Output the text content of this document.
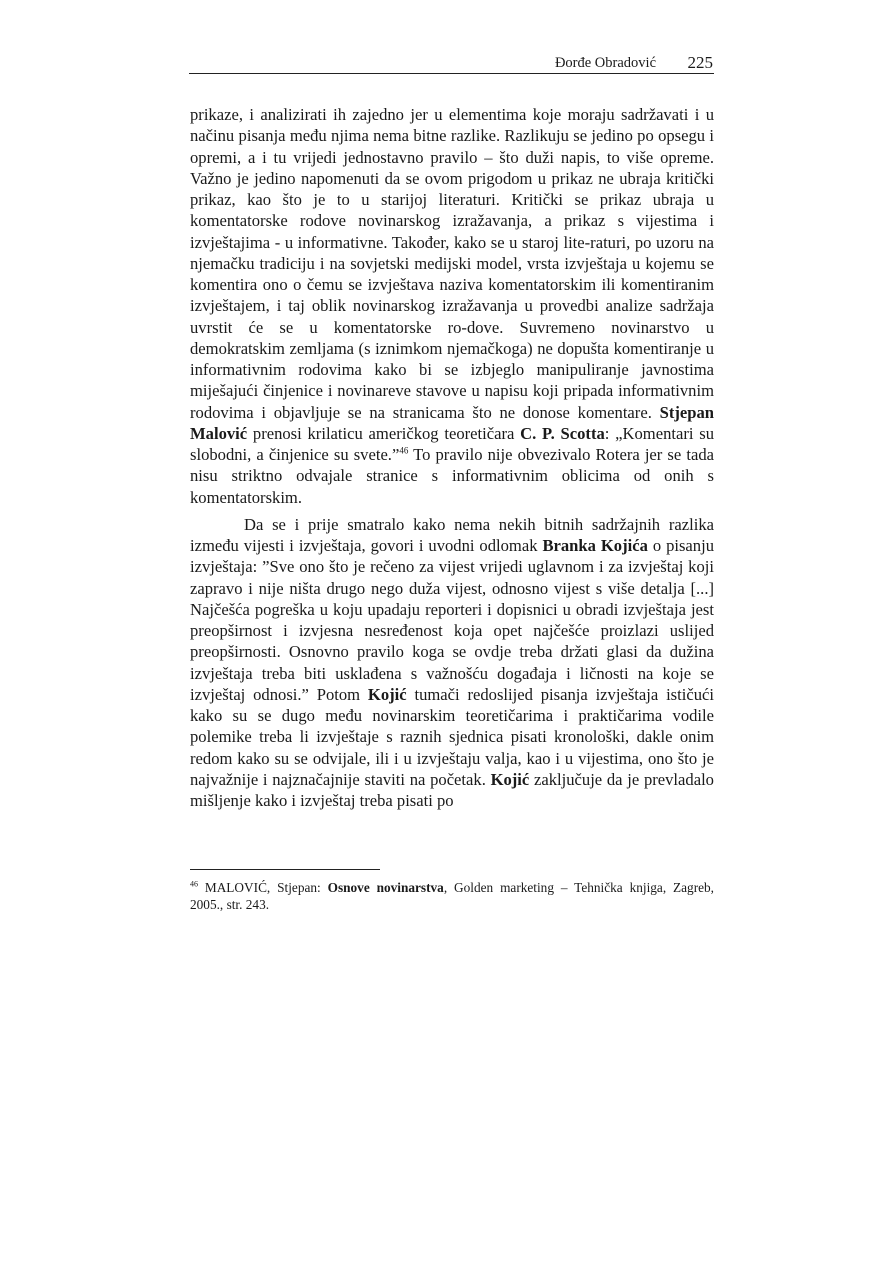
Đorđe Obradović 225

prikaze, i analizirati ih zajedno jer u elementima koje moraju sadržavati i u načinu pisanja među njima nema bitne razlike. Razlikuju se jedino po opsegu i opremi, a i tu vrijedi jednostavno pravilo – što duži napis, to više opreme. Važno je jedino napomenuti da se ovom prigodom u prikaz ne ubraja kritički prikaz, kao što je to u starijoj literaturi. Kritički se prikaz ubraja u komentatorske rodove novinarskog izražavanja, a prikaz s vijestima i izvještajima - u informativne. Također, kako se u staroj lite-raturi, po uzoru na njemačku tradiciju i na sovjetski medijski model, vrsta izvještaja u kojemu se komentira ono o čemu se izvještava naziva komentatorskim ili komentiranim izvještajem, i taj oblik novinarskog izražavanja u provedbi analize sadržaja uvrstit će se u komentatorske ro-dove. Suvremeno novinarstvo u demokratskim zemljama (s iznimkom njemačkoga) ne dopušta komentiranje u informativnim rodovima kako bi se izbjeglo manipuliranje javnostima miješajući činjenice i novinareve stavove u napisu koji pripada informativnim rodovima i objavljuje se na stranicama što ne donose komentare. Stjepan Malović prenosi krilaticu američkog teoretičara C. P. Scotta: „Komentari su slobodni, a činjenice su svete.”$^{46}$ To pravilo nije obvezivalo Rotera jer se tada nisu striktno odvajale stranice s informativnim oblicima od onih s komentatorskim.

Da se i prije smatralo kako nema nekih bitnih sadržajnih razlika između vijesti i izvještaja, govori i uvodni odlomak Branka Kojića o pisanju izvještaja: ”Sve ono što je rečeno za vijest vrijedi uglavnom i za izvještaj koji zapravo i nije ništa drugo nego duža vijest, odnosno vijest s više detalja [...] Najčešća pogreška u koju upadaju reporteri i dopisnici u obradi izvještaja jest preopširnost i izvjesna nesređenost koja opet najčešće proizlazi uslijed preopširnosti. Osnovno pravilo koga se ovdje treba držati glasi da dužina izvještaja treba biti usklađena s važnošću događaja i ličnosti na koje se izvještaj odnosi.” Potom Kojić tumači redoslijed pisanja izvještaja ističući kako su se dugo među novinarskim teoretičarima i praktičarima vodile polemike treba li izvještaje s raznih sjednica pisati kronološki, dakle onim redom kako su se odvijale, ili i u izvještaju valja, kao i u vijestima, ono što je najvažnije i najznačajnije staviti na početak. Kojić zaključuje da je prevladalo mišljenje kako i izvještaj treba pisati po

$^{46}$ MALOVIĆ, Stjepan: Osnove novinarstva, Golden marketing – Tehnička knjiga, Zagreb, 2005., str. 243.
